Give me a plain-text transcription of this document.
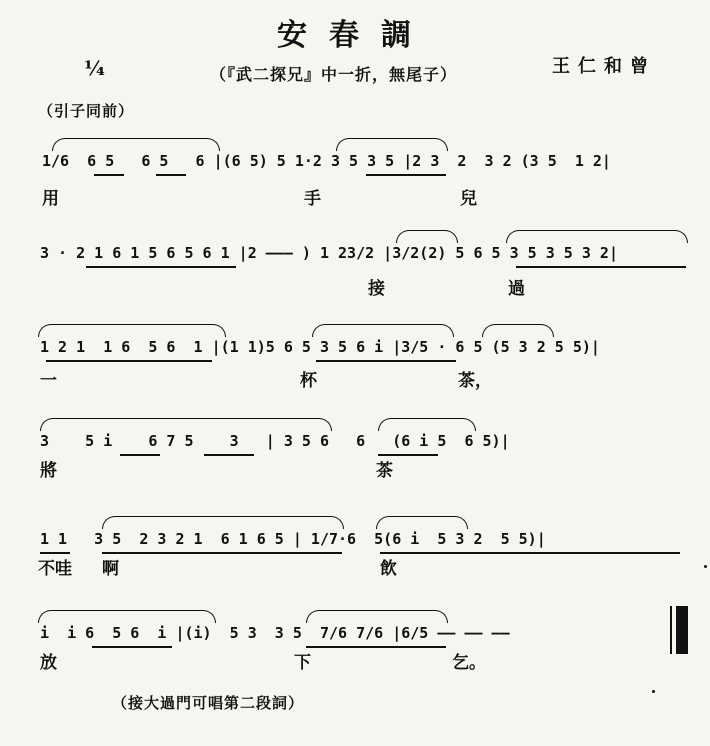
安春調
¼	（『武二探兄』中一折，無尾子）	王仁和曾
（引子同前）
1/6  6 5   6 5   6 |(6 5) 5 1·2 3 5 3 5 |2 3  2  3 2 (3 5  1 2|
用	手	兒
3 · 2 1 6 1 5 6 5 6 1 |2 ——— ) 1 23/2 |3/2(2) 5 6 5 3 5 3 5 3 2|
接	過
1 2 1  1 6  5 6  1 |(1 1)5 6 5 3 5 6 i |3/5 · 6 5 (5 3 2 5 5)|
一	杯	茶，
3    5 i    6 7 5    3   | 3 5 6   6   (6 i 5  6 5)|
將	茶
1 1   3 5  2 3 2 1  6 1 6 5 | 1/7·6  5(6 i  5 3 2  5 5)|
不哇 啊	飲
i  i 6  5 6  i |(i)  5 3  3 5  7/6 7/6 |6/5 —— —— ——
放	下	乞。
（接大過門可唱第二段詞）
